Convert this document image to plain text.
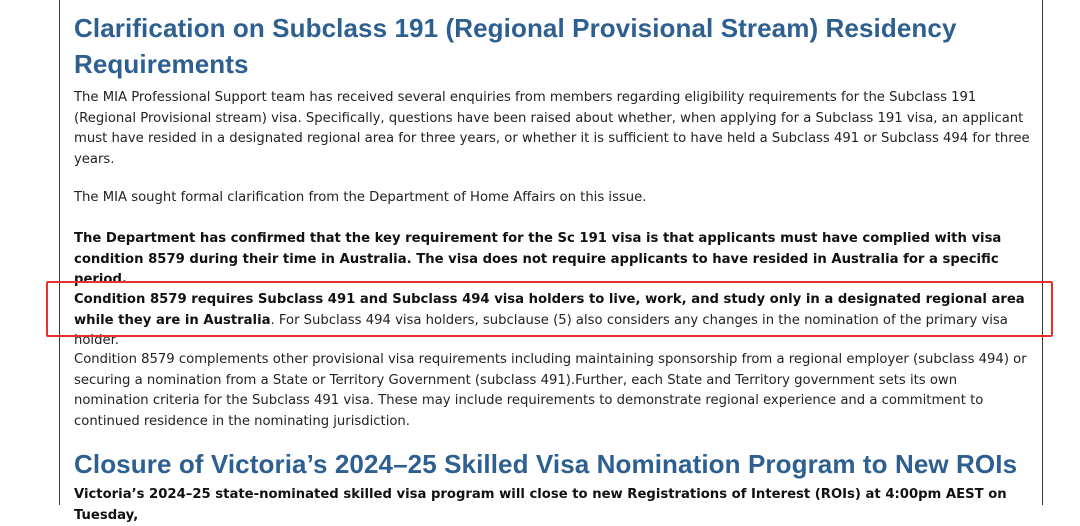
Clarification on Subclass 191 (Regional Provisional Stream) Residency Requirements
The MIA Professional Support team has received several enquiries from members regarding eligibility requirements for the Subclass 191 (Regional Provisional stream) visa. Specifically, questions have been raised about whether, when applying for a Subclass 191 visa, an applicant must have resided in a designated regional area for three years, or whether it is sufficient to have held a Subclass 491 or Subclass 494 for three years.
The MIA sought formal clarification from the Department of Home Affairs on this issue.
The Department has confirmed that the key requirement for the Sc 191 visa is that applicants must have complied with visa condition 8579 during their time in Australia. The visa does not require applicants to have resided in Australia for a specific period.
Condition 8579 requires Subclass 491 and Subclass 494 visa holders to live, work, and study only in a designated regional area while they are in Australia. For Subclass 494 visa holders, subclause (5) also considers any changes in the nomination of the primary visa holder.
Condition 8579 complements other provisional visa requirements including maintaining sponsorship from a regional employer (subclass 494) or securing a nomination from a State or Territory Government (subclass 491).Further, each State and Territory government sets its own nomination criteria for the Subclass 491 visa. These may include requirements to demonstrate regional experience and a commitment to continued residence in the nominating jurisdiction.
Closure of Victoria’s 2024–25 Skilled Visa Nomination Program to New ROIs
Victoria’s 2024–25 state-nominated skilled visa program will close to new Registrations of Interest (ROIs) at 4:00pm AEST on Tuesday,
